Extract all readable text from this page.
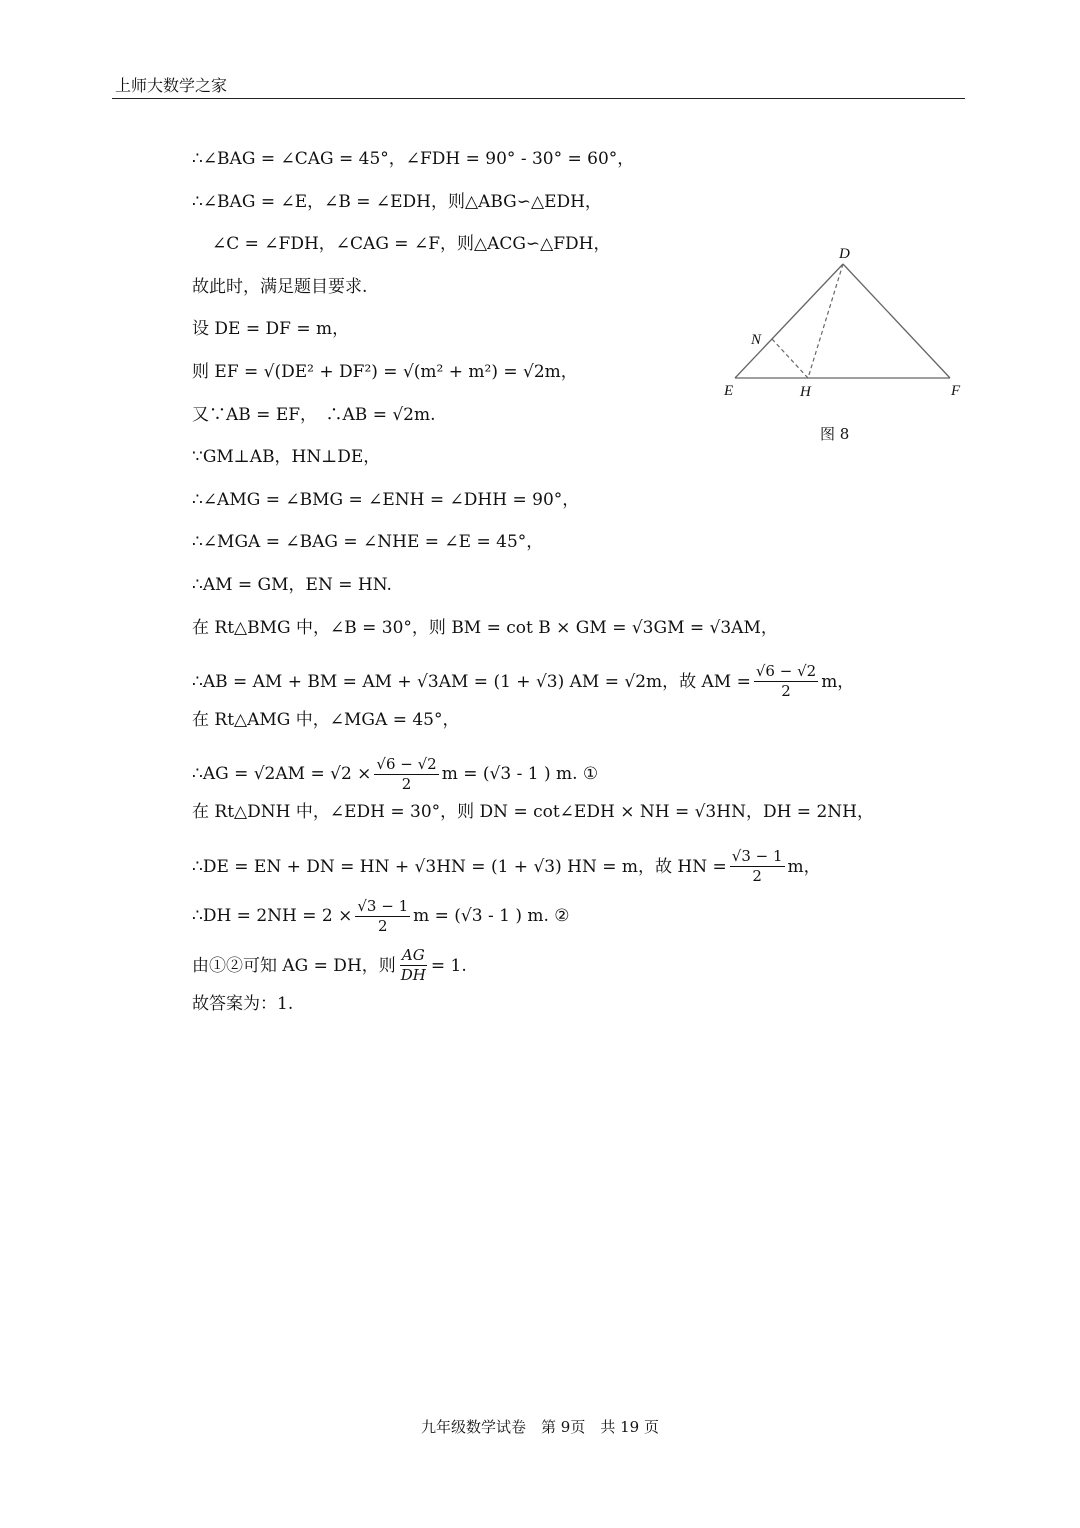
上师大数学之家
∴∠BAG = ∠CAG = 45°，∠FDH = 90° - 30° = 60°，
∴∠BAG = ∠E，∠B = ∠EDH，则△ABG∽△EDH，
∠C = ∠FDH，∠CAG = ∠F，则△ACG∽△FDH，
故此时，满足题目要求.
设 DE = DF = m，
则 EF = √(DE² + DF²) = √(m² + m²) = √2m，
又∵AB = EF，　∴AB = √2m.
∵GM⊥AB，HN⊥DE，
∴∠AMG = ∠BMG = ∠ENH = ∠DHH = 90°，
∴∠MGA = ∠BAG = ∠NHE = ∠E = 45°，
∴AM = GM，EN = HN.
在 Rt△BMG 中，∠B = 30°，则 BM = cot B × GM = √3GM = √3AM，
∴AB = AM + BM = AM + √3AM = (1 + √3) AM = √2m，故 AM = $\frac{√6 - √2}{2}$ m，
在 Rt△AMG 中，∠MGA = 45°，
∴AG = $√2AM = √2 \times \frac{√6 - √2}{2}$ m = (√3 - 1 ) m. ①
在 Rt△DNH 中，∠EDH = 30°，则 DN = cot∠EDH × NH = √3HN，DH = 2NH，
∴DE = EN + DN = HN + √3HN = (1 + √3) HN = m，故 HN = $\frac{√3 - 1}{2}$ m，
∴DH = $2NH = 2 \times \frac{√3 - 1}{2}$ m = (√3 - 1 ) m. ②
由①②可知 AG = DH，则 $\frac{AG}{DH} = 1$.
故答案为：1.
D
N
E	H	F
图 8
九年级数学试卷　第 9页　共 19 页
